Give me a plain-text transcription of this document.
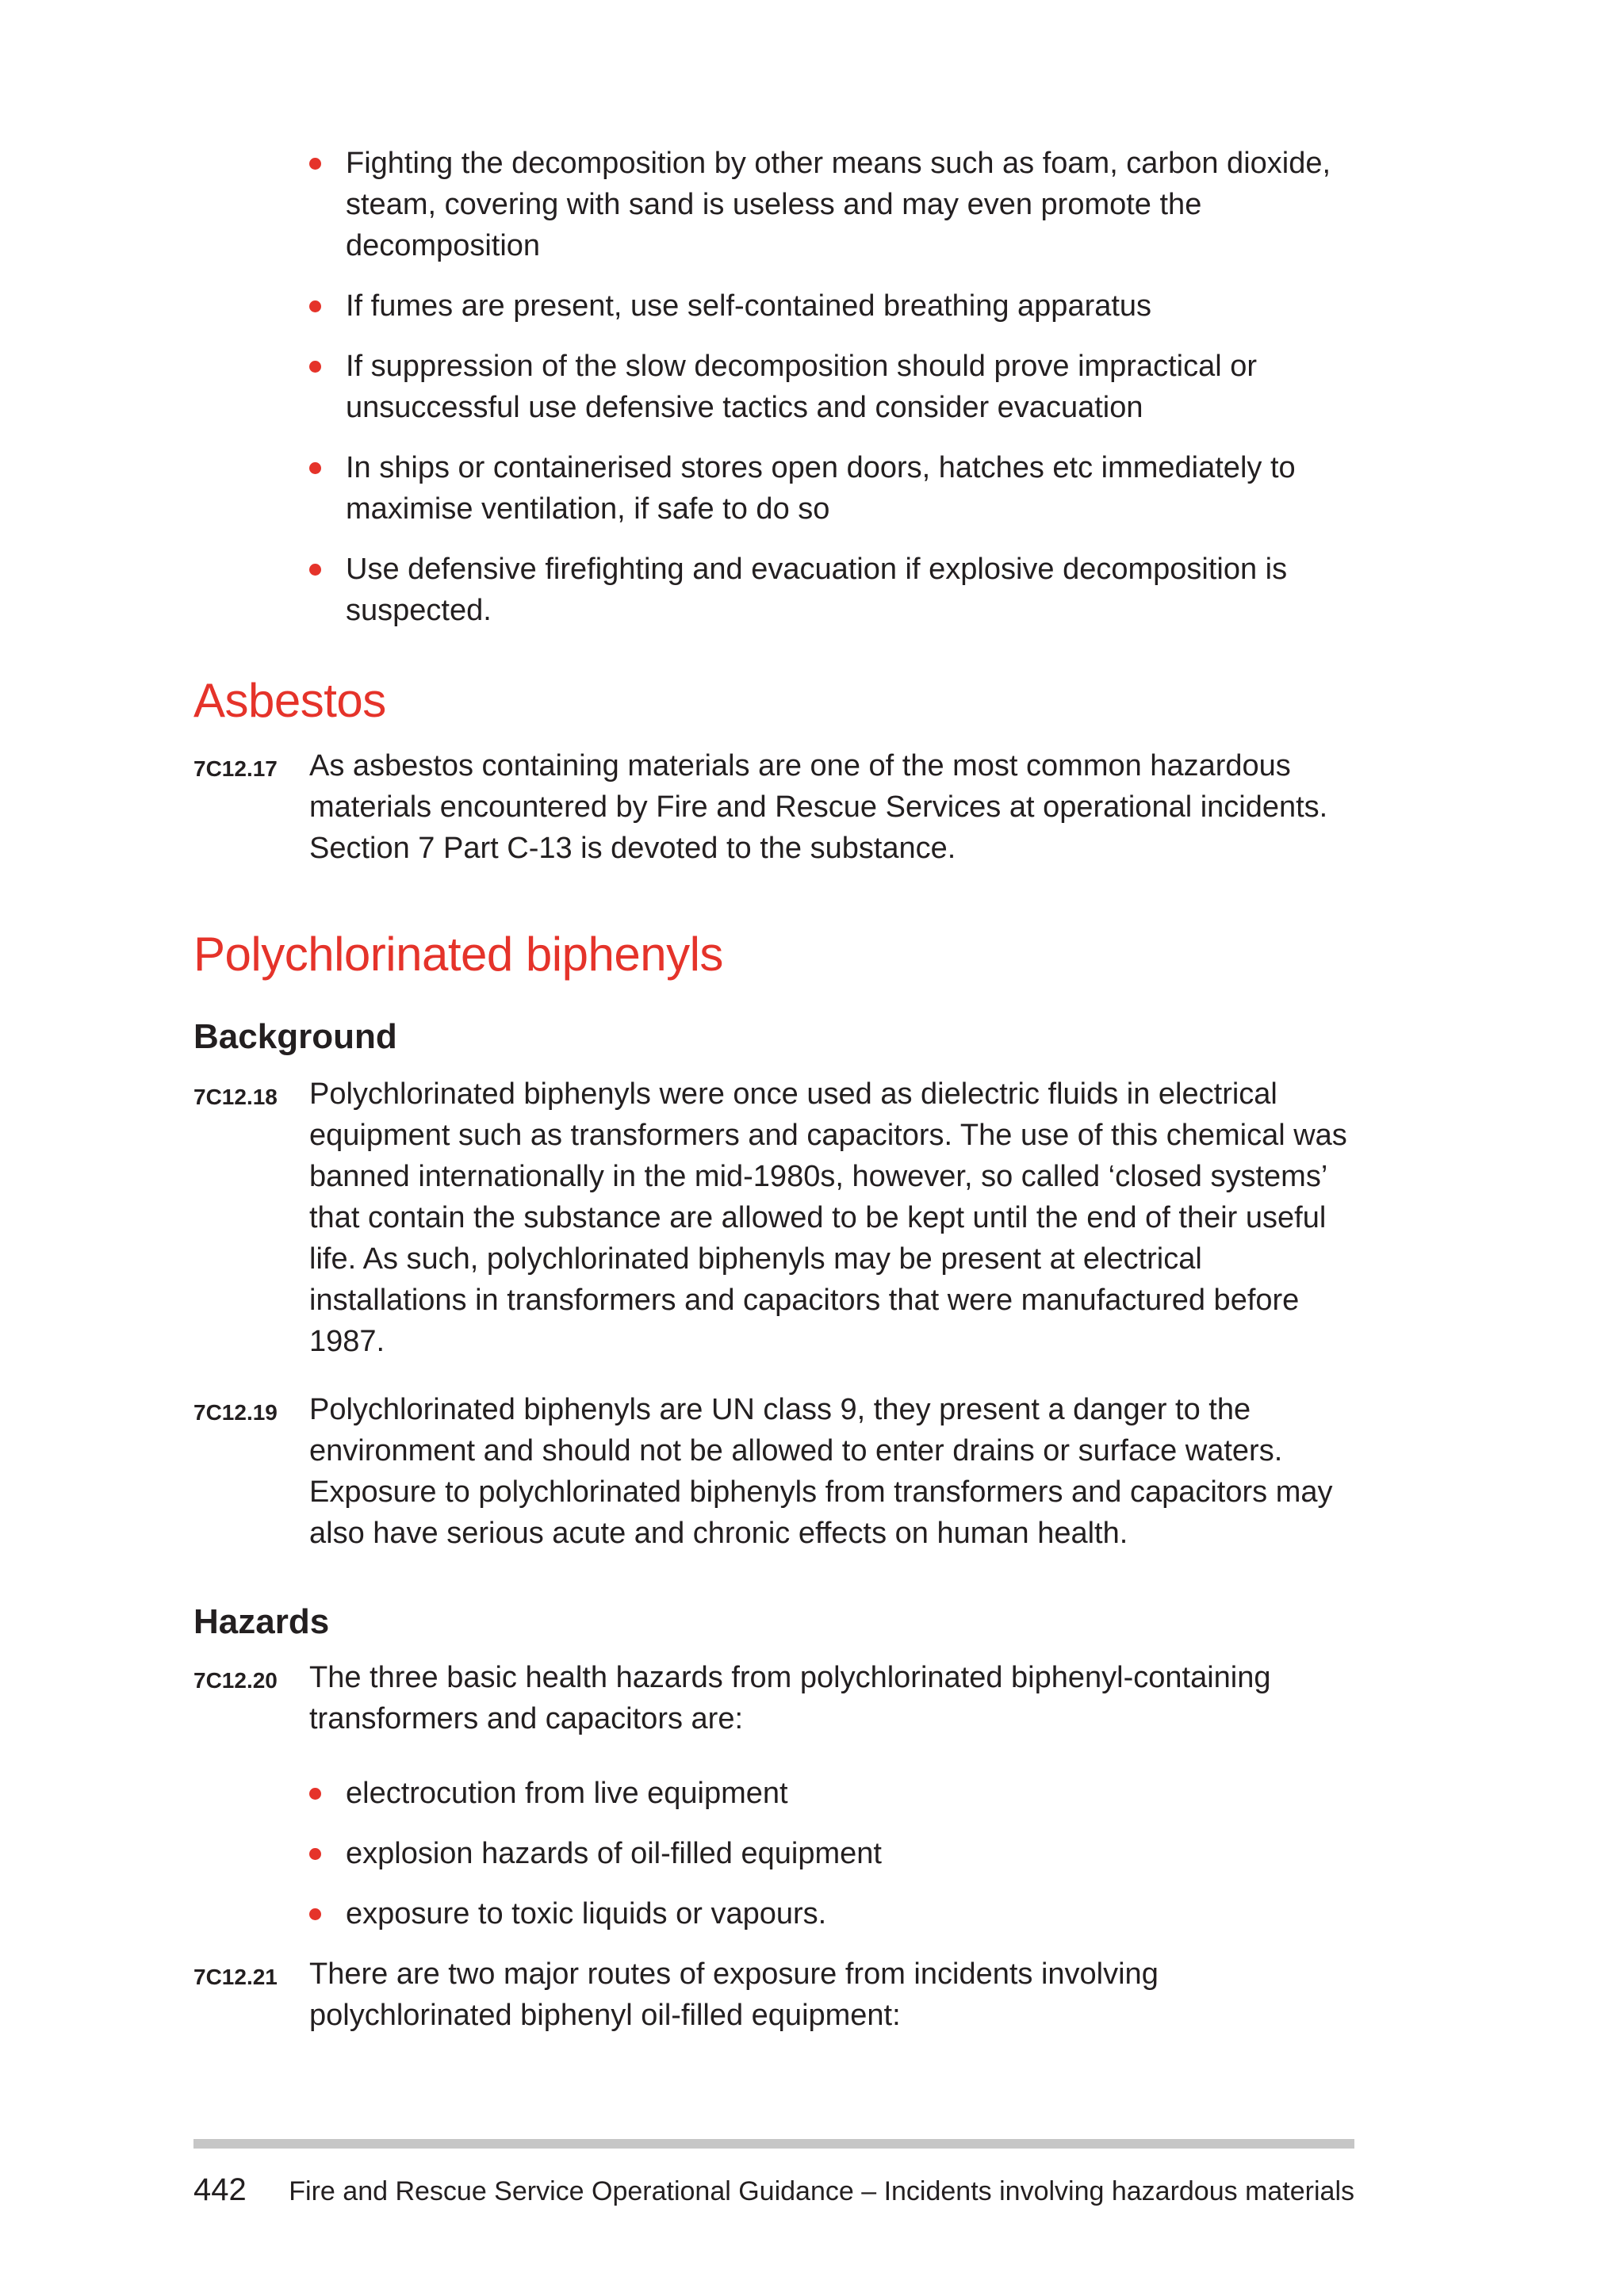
Fighting the decomposition by other means such as foam, carbon dioxide, steam, covering with sand is useless and may even promote the decomposition
If fumes are present, use self-contained breathing apparatus
If suppression of the slow decomposition should prove impractical or unsuccessful use defensive tactics and consider evacuation
In ships or containerised stores open doors, hatches etc immediately to maximise ventilation, if safe to do so
Use defensive firefighting and evacuation if explosive decomposition is suspected.
Asbestos
7C12.17	As asbestos containing materials are one of the most common hazardous materials encountered by Fire and Rescue Services at operational incidents. Section 7 Part C-13 is devoted to the substance.
Polychlorinated biphenyls
Background
7C12.18	Polychlorinated biphenyls were once used as dielectric fluids in electrical equipment such as transformers and capacitors. The use of this chemical was banned internationally in the mid-1980s, however, so called ‘closed systems’ that contain the substance are allowed to be kept until the end of their useful life. As such, polychlorinated biphenyls may be present at electrical installations in transformers and capacitors that were manufactured before 1987.
7C12.19	Polychlorinated biphenyls are UN class 9, they present a danger to the environment and should not be allowed to enter drains or surface waters. Exposure to polychlorinated biphenyls from transformers and capacitors may also have serious acute and chronic effects on human health.
Hazards
7C12.20	The three basic health hazards from polychlorinated biphenyl-containing transformers and capacitors are:
electrocution from live equipment
explosion hazards of oil-filled equipment
exposure to toxic liquids or vapours.
7C12.21	There are two major routes of exposure from incidents involving polychlorinated biphenyl oil-filled equipment:
442 Fire and Rescue Service Operational Guidance – Incidents involving hazardous materials
